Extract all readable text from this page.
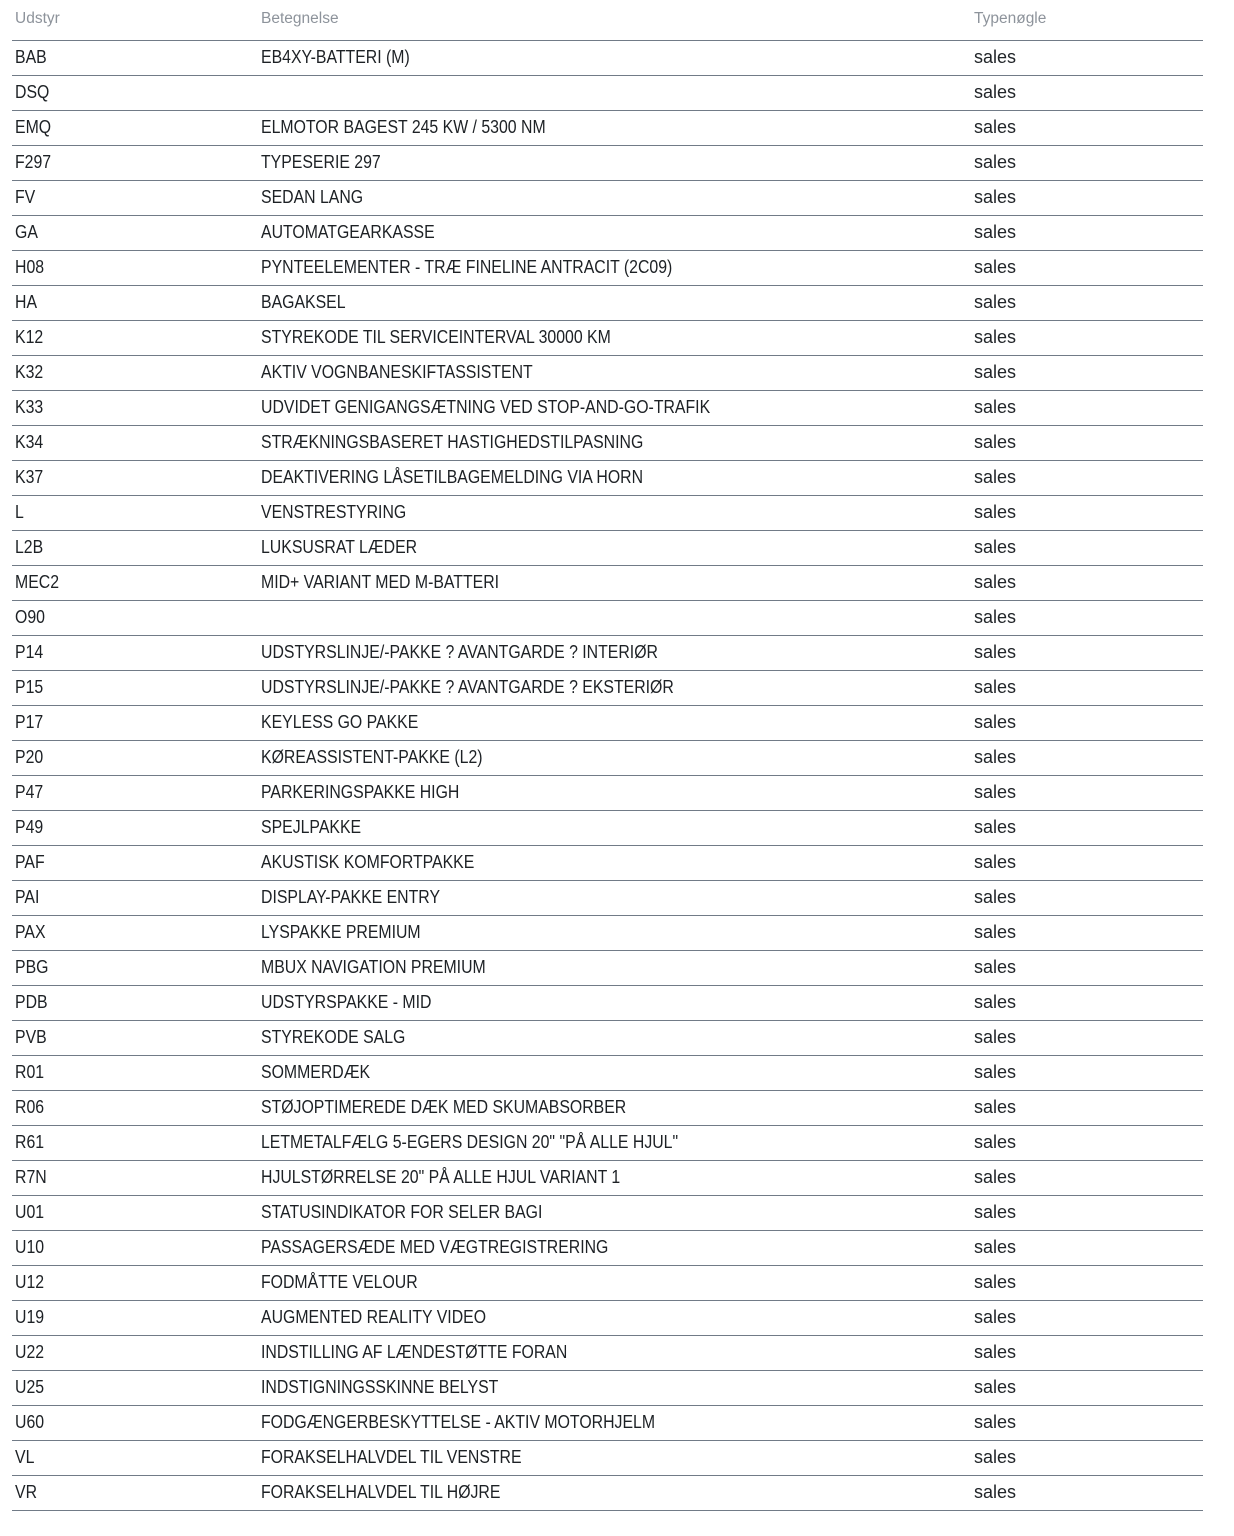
Udstyr	Betegnelse	Typenøgle
BAB	EB4XY-BATTERI (M)	sales
DSQ		sales
EMQ	ELMOTOR BAGEST 245 KW / 5300 NM	sales
F297	TYPESERIE 297	sales
FV	SEDAN LANG	sales
GA	AUTOMATGEARKASSE	sales
H08	PYNTEELEMENTER - TRÆ FINELINE ANTRACIT (2C09)	sales
HA	BAGAKSEL	sales
K12	STYREKODE TIL SERVICEINTERVAL 30000 KM	sales
K32	AKTIV VOGNBANESKIFTASSISTENT	sales
K33	UDVIDET GENIGANGSÆTNING VED STOP-AND-GO-TRAFIK	sales
K34	STRÆKNINGSBASERET HASTIGHEDSTILPASNING	sales
K37	DEAKTIVERING LÅSETILBAGEMELDING VIA HORN	sales
L	VENSTRESTYRING	sales
L2B	LUKSUSRAT LÆDER	sales
MEC2	MID+ VARIANT MED M-BATTERI	sales
O90		sales
P14	UDSTYRSLINJE/-PAKKE ? AVANTGARDE ? INTERIØR	sales
P15	UDSTYRSLINJE/-PAKKE ? AVANTGARDE ? EKSTERIØR	sales
P17	KEYLESS GO PAKKE	sales
P20	KØREASSISTENT-PAKKE (L2)	sales
P47	PARKERINGSPAKKE HIGH	sales
P49	SPEJLPAKKE	sales
PAF	AKUSTISK KOMFORTPAKKE	sales
PAI	DISPLAY-PAKKE ENTRY	sales
PAX	LYSPAKKE PREMIUM	sales
PBG	MBUX NAVIGATION PREMIUM	sales
PDB	UDSTYRSPAKKE - MID	sales
PVB	STYREKODE SALG	sales
R01	SOMMERDÆK	sales
R06	STØJOPTIMEREDE DÆK MED SKUMABSORBER	sales
R61	LETMETALFÆLG 5-EGERS DESIGN 20" "PÅ ALLE HJUL"	sales
R7N	HJULSTØRRELSE 20" PÅ ALLE HJUL VARIANT 1	sales
U01	STATUSINDIKATOR FOR SELER BAGI	sales
U10	PASSAGERSÆDE MED VÆGTREGISTRERING	sales
U12	FODMÅTTE VELOUR	sales
U19	AUGMENTED REALITY VIDEO	sales
U22	INDSTILLING AF LÆNDESTØTTE FORAN	sales
U25	INDSTIGNINGSSKINNE BELYST	sales
U60	FODGÆNGERBESKYTTELSE - AKTIV MOTORHJELM	sales
VL	FORAKSELHALVDEL TIL VENSTRE	sales
VR	FORAKSELHALVDEL TIL HØJRE	sales
